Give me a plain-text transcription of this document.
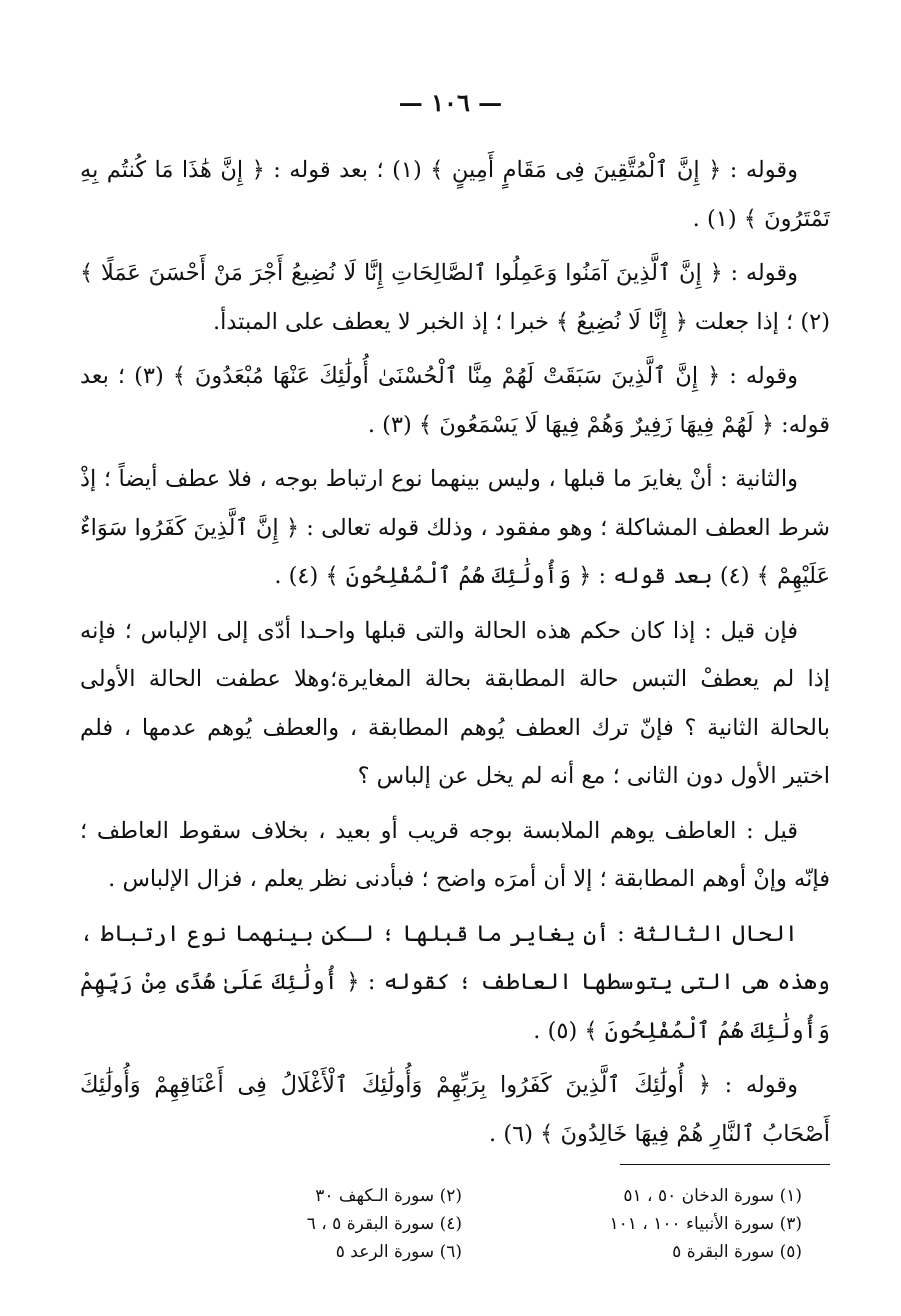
— ١٠٦ —

وقوله : ﴿ إِنَّ ٱلْمُتَّقِينَ فِى مَقَامٍ أَمِينٍ ﴾ (١) ؛ بعد قوله : ﴿ إِنَّ هَٰذَا مَا كُنتُم بِهِ تَمْتَرُونَ ﴾ (١) .

وقوله : ﴿ إِنَّ ٱلَّذِينَ آمَنُوا وَعَمِلُوا ٱلصَّالِحَاتِ إِنَّا لَا نُضِيعُ أَجْرَ مَنْ أَحْسَنَ عَمَلًا ﴾ (٢) ؛ إذا جعلت ﴿ إِنَّا لَا نُضِيعُ ﴾ خبرا ؛ إذ الخبر لا يعطف على المبتدأ.

وقوله : ﴿ إِنَّ ٱلَّذِينَ سَبَقَتْ لَهُمْ مِنَّا ٱلْحُسْنَىٰ أُولَٰئِكَ عَنْهَا مُبْعَدُونَ ﴾ (٣) ؛ بعد قوله: ﴿ لَهُمْ فِيهَا زَفِيرٌ وَهُمْ فِيهَا لَا يَسْمَعُونَ ﴾ (٣) .

والثانية : أنْ يغايرَ ما قبلها ، وليس بينهما نوع ارتباط بوجه ، فلا عطف أيضاً ؛ إذْ شرط العطف المشاكلة ؛ وهو مفقود ، وذلك قوله تعالى : ﴿ إِنَّ ٱلَّذِينَ كَفَرُوا سَوَاءٌ عَلَيْهِمْ ﴾ (٤) بعد قوله : ﴿ وَأُولَٰئِكَ هُمُ ٱلْمُفْلِحُونَ ﴾ (٤) .

فإن قيل : إذا كان حكم هذه الحالة والتى قبلها واحـدا أدّى إلى الإلباس ؛ فإنه إذا لم يعطفْ التبس حالة المطابقة بحالة المغايرة؛وهلا عطفت الحالة الأولى بالحالة الثانية ؟ فإنّ ترك العطف يُوهم المطابقة ، والعطف يُوهم عدمها ، فلم اختير الأول دون الثانى ؛ مع أنه لم يخل عن إلباس ؟

قيل : العاطف يوهم الملابسة بوجه قريب أو بعيد ، بخلاف سقوط العاطف ؛ فإنّه وإنْ أوهم المطابقة ؛ إلا أن أمرَه واضح ؛ فبأدنى نظر يعلم ، فزال الإلباس .

الحال الثالثة : أن يغاير ما قبلها ؛ لـكن بينهما نوع ارتباط ، وهذه هى التى يتوسطها العاطف ؛ كقوله : ﴿ أُولَٰئِكَ عَلَىٰ هُدًى مِنْ رَبِّهِمْ وَأُولَٰئِكَ هُمُ ٱلْمُفْلِحُونَ ﴾ (٥) .

وقوله : ﴿ أُولَٰئِكَ ٱلَّذِينَ كَفَرُوا بِرَبِّهِمْ وَأُولَٰئِكَ ٱلْأَغْلَالُ فِى أَعْنَاقِهِمْ وَأُولَٰئِكَ أَصْحَابُ ٱلنَّارِ هُمْ فِيهَا خَالِدُونَ ﴾ (٦) .

(١) سورة الدخان ٥٠ ، ٥١
(٢) سورة الـكهف ٣٠
(٣) سورة الأنبياء ١٠٠ ، ١٠١
(٤) سورة البقرة ٥ ، ٦
(٥) سورة البقرة ٥
(٦) سورة الرعد ٥
